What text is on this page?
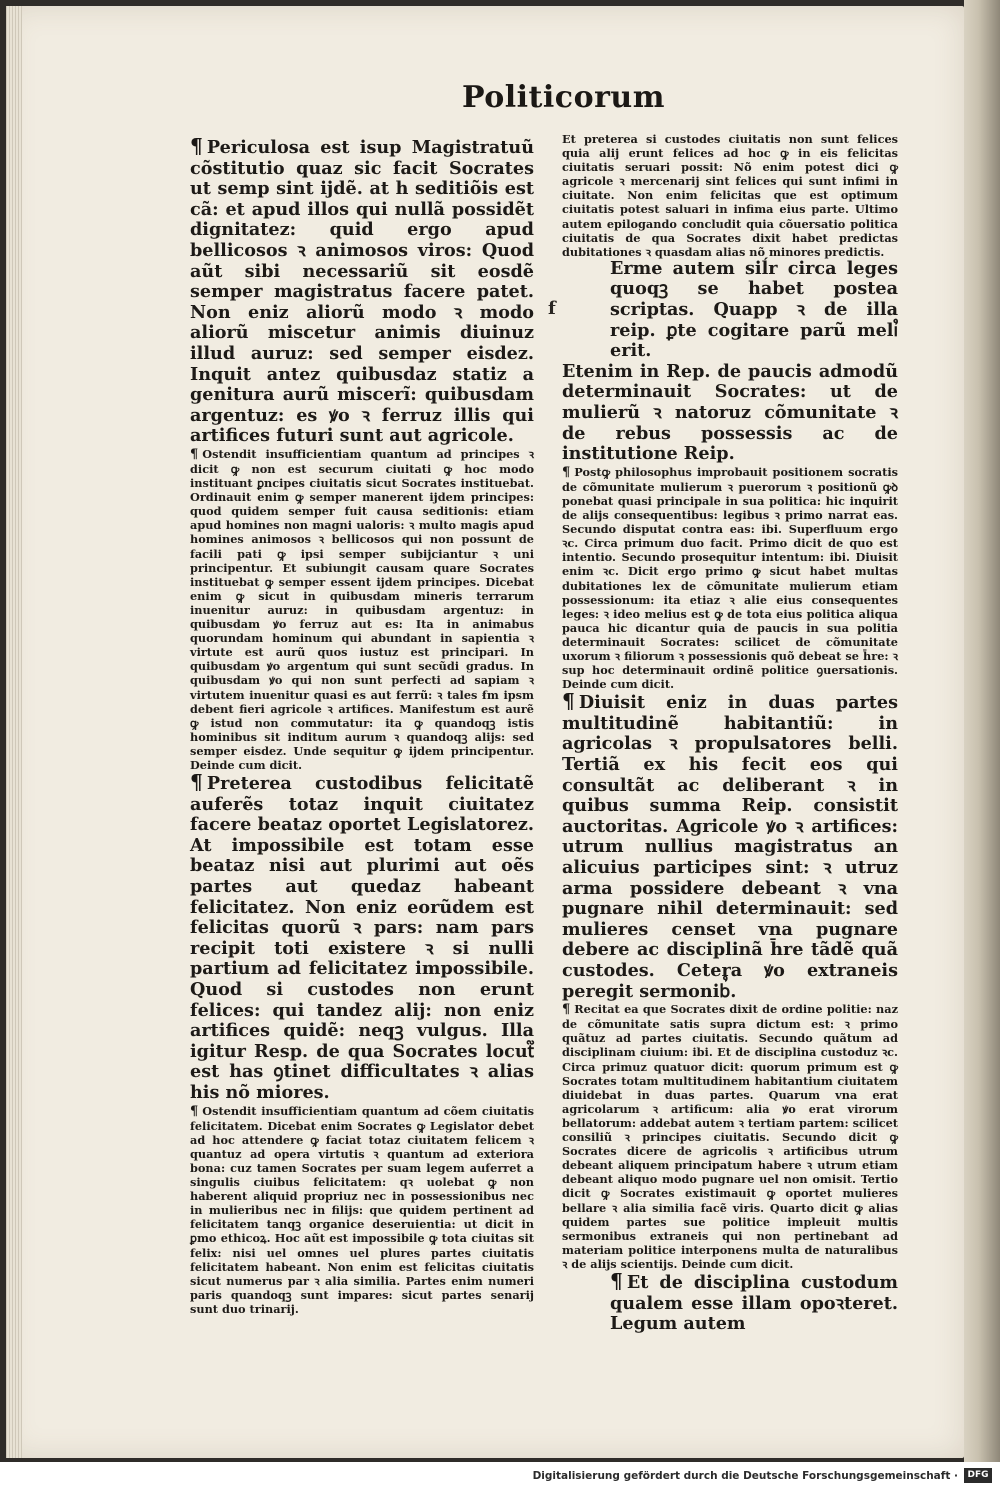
Politicorum

¶ Periculosa est isup Magistratuũ cõstitutio quaz sic facit Socrates ut semp sint ijdẽ. at h seditiõis est cã: et apud illos qui nullã possidẽt dignitatez: quid ergo apud bellicosos ꝛ animosos viros: Quod aũt sibi necessariũ sit eosdẽ semper magistratus facere patet. Non eniz aliorũ modo ꝛ modo aliorũ miscetur animis diuinuz illud auruz: sed semper eisdez. Inquit antez quibusdaz statiz a genitura aurũ miscerĩ: quibusdam argentuz: es ꝟo ꝛ ferruz illis qui artifices futuri sunt aut agricole.

¶ Ostendit insufficientiam quantum ad principes ꝛ dicit ꝙ non est securum ciuitati ꝙ hoc modo instituant ꝑncipes ciuitatis sicut Socrates instituebat. Ordinauit enim ꝙ semper manerent ijdem principes: quod quidem semper fuit causa seditionis: etiam apud homines non magni ualoris: ꝛ multo magis apud homines animosos ꝛ bellicosos qui non possunt de facili pati ꝙ ipsi semper subijciantur ꝛ uni principentur. Et subiungit causam quare Socrates instituebat ꝙ semper essent ijdem principes. Dicebat enim ꝙ sicut in quibusdam mineris terrarum inuenitur auruz: in quibusdam argentuz: in quibusdam ꝟo ferruz aut es: Ita in animabus quorundam hominum qui abundant in sapientia ꝛ virtute est aurũ quos iustuz est principari. In quibusdam ꝟo argentum qui sunt secũdi gradus. In quibusdam ꝟo qui non sunt perfecti ad sapiam ꝛ virtutem inuenitur quasi es aut ferrũ: ꝛ tales ẜm ipsm debent fieri agricole ꝛ artifices. Manifestum est aurẽ ꝙ istud non commutatur: ita ꝙ quandoqꝫ istis hominibus sit inditum aurum ꝛ quandoqꝫ alijs: sed semper eisdez. Unde sequitur ꝙ ijdem principentur. Deinde cum dicit.

¶ Preterea custodibus felicitatẽ auferẽs totaz inquit ciuitatez facere beataz oportet Legislatorez. At impossibile est totam esse beataz nisi aut plurimi aut oẽs partes aut quedaz habeant felicitatez. Non eniz eorũdem est felicitas quorũ ꝛ pars: nam pars recipit toti existere ꝛ si nulli partium ad felicitatez impossibile. Quod si custodes non erunt felices: qui tandez alij: non eniz artifices quidẽ: neqꝫ vulgus. Illa igitur Resp. de qua Socrates locut᷑ est has ꝯtinet difficultates ꝛ alias his nõ miores.

¶ Ostendit insufficientiam quantum ad cõem ciuitatis felicitatem. Dicebat enim Socrates ꝙ Legislator debet ad hoc attendere ꝙ faciat totaz ciuitatem felicem ꝛ quantuz ad opera virtutis ꝛ quantum ad exteriora bona: cuz tamen Socrates per suam legem auferret a singulis ciuibus felicitatem: qꝛ uolebat ꝙ non haberent aliquid propriuz nec in possessionibus nec in mulieribus nec in filijs: que quidem pertinent ad felicitatem tanqꝫ organice deseruientia: ut dicit in ꝑmo ethicoꝝ. Hoc aũt est impossibile ꝙ tota ciuitas sit felix: nisi uel omnes uel plures partes ciuitatis felicitatem habeant. Non enim est felicitas ciuitatis sicut numerus par ꝛ alia similia. Partes enim numeri paris quandoqꝫ sunt impares: sicut partes senarij sunt duo trinarij.

f

Et preterea si custodes ciuitatis non sunt felices quia alij erunt felices ad hoc ꝙ in eis felicitas ciuitatis seruari possit: Nõ enim potest dici ꝙ agricole ꝛ mercenarij sint felices qui sunt infimi in ciuitate. Non enim felicitas que est optimum ciuitatis potest saluari in infima eius parte. Ultimo autem epilogando concludit quia cõuersatio politica ciuitatis de qua Socrates dixit habet predictas dubitationes ꝛ quasdam alias nõ minores predictis.

Erme autem siĺr circa leges quoqꝫ se habet postea scriptas. Quapp ꝛ de illa reip. ꝑte cogitare parũ meli᷒ erit.

Etenim in Rep. de paucis admodũ determinauit Socrates: ut de mulierũ ꝛ natoruz cõmunitate ꝛ de rebus possessis ac de institutione Reip.

¶ Postꝙ philosophus improbauit positionem socratis de cõmunitate mulierum ꝛ puerorum ꝛ positionũ ꝙꝺ ponebat quasi principale in sua politica: hic inquirit de alijs consequentibus: legibus ꝛ primo narrat eas. Secundo disputat contra eas: ibi. Superfluum ergo ꝛc. Circa primum duo facit. Primo dicit de quo est intentio. Secundo prosequitur intentum: ibi. Diuisit enim ꝛc. Dicit ergo primo ꝙ sicut habet multas dubitationes lex de cõmunitate mulierum etiam possessionum: ita etiaz ꝛ alie eius consequentes leges: ꝛ ideo melius est ꝙ de tota eius politica aliqua pauca hic dicantur quia de paucis in sua politia determinauit Socrates: scilicet de cõmunitate uxorum ꝛ filiorum ꝛ possessionis quõ debeat se h̄re: ꝛ sup hoc determinauit ordinẽ politice ꝯuersationis. Deinde cum dicit.

¶ Diuisit eniz in duas partes multitudinẽ habitantiũ: in agricolas ꝛ propulsatores belli. Tertiã ex his fecit eos qui consultãt ac deliberant ꝛ in quibus summa Reip. consistit auctoritas. Agricole ꝟo ꝛ artifices: utrum nullius magistratus an alicuius participes sint: ꝛ utruz arma possidere debeant ꝛ vna pugnare nihil determinauit: sed mulieres censet vna pugnare debere ac disciplinã h̄re tãdẽ quã custodes. Cetera ꝟo extraneis peregit sermonib᷒.

¶ Recitat ea que Socrates dixit de ordine politie: naz de cõmunitate satis supra dictum est: ꝛ primo quãtuz ad partes ciuitatis. Secundo quãtum ad disciplinam ciuium: ibi. Et de disciplina custoduz ꝛc. Circa primuz quatuor dicit: quorum primum est ꝙ Socrates totam multitudinem habitantium ciuitatem diuidebat in duas partes. Quarum vna erat agricolarum ꝛ artificum: alia ꝟo erat virorum bellatorum: addebat autem ꝛ tertiam partem: scilicet consiliũ ꝛ principes ciuitatis. Secundo dicit ꝙ Socrates dicere de agricolis ꝛ artificibus utrum debeant aliquem principatum habere ꝛ utrum etiam debeant aliquo modo pugnare uel non omisit. Tertio dicit ꝙ Socrates existimauit ꝙ oportet mulieres bellare ꝛ alia similia facẽ viris. Quarto dicit ꝙ alias quidem partes sue politice impleuit multis sermonibus extraneis qui non pertinebant ad materiam politice interponens multa de naturalibus ꝛ de alijs scientijs. Deinde cum dicit.

¶ Et de disciplina custodum qualem esse illam opoꝛteret. Legum autem

Digitalisierung gefördert durch die Deutsche Forschungsgemeinschaft ·	DFG
